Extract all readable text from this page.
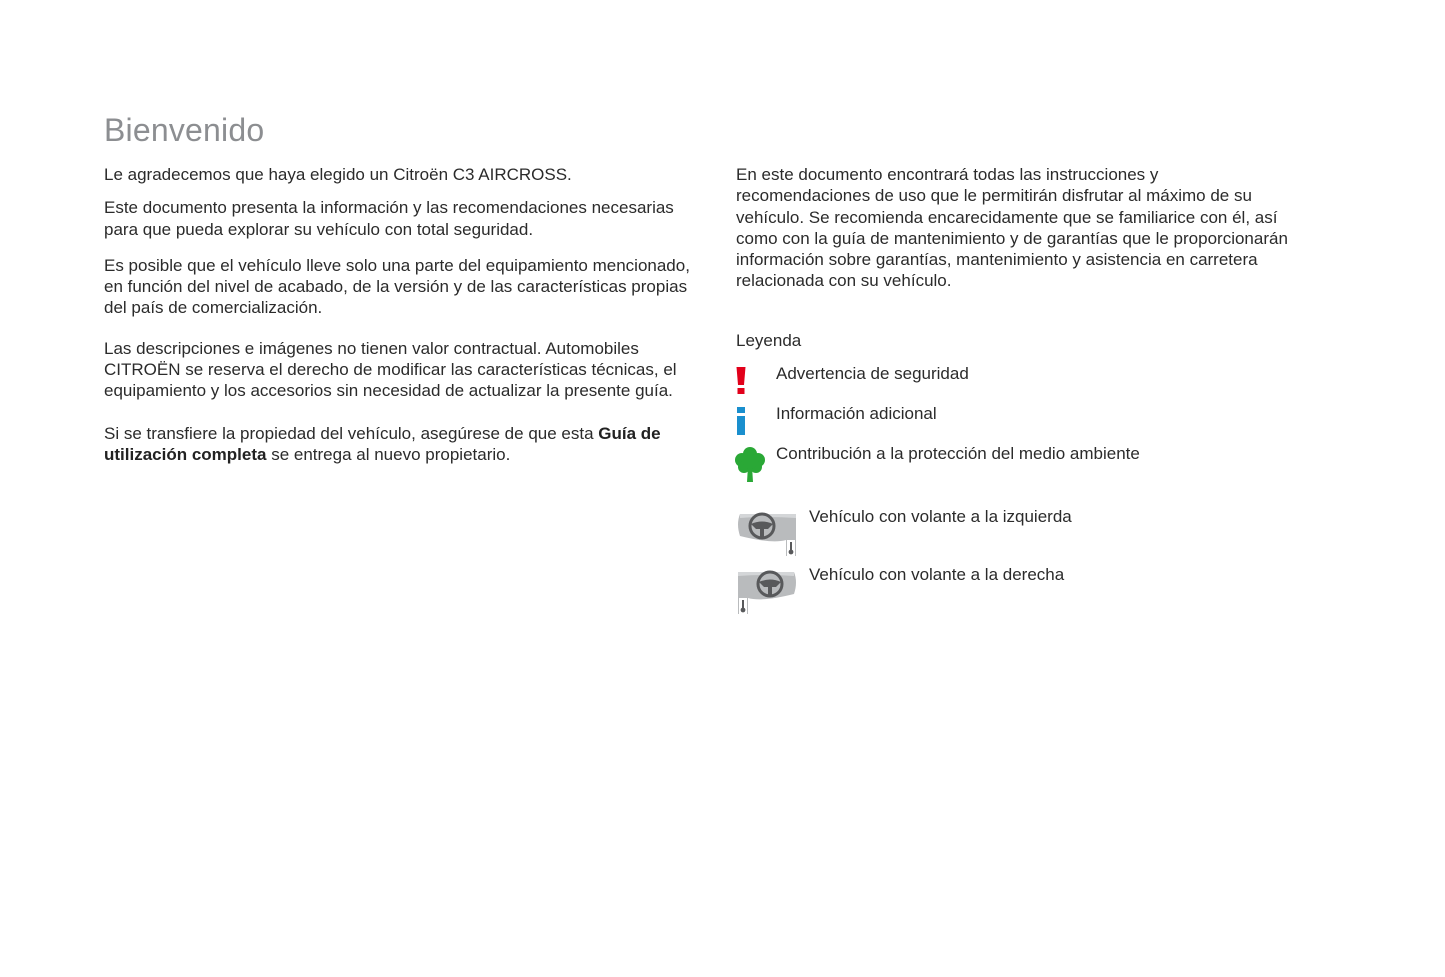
Bienvenido

Le agradecemos que haya elegido un Citroën C3 AIRCROSS.

Este documento presenta la información y las recomendaciones necesarias para que pueda explorar su vehículo con total seguridad.

Es posible que el vehículo lleve solo una parte del equipamiento mencionado, en función del nivel de acabado, de la versión y de las características propias del país de comercialización.

Las descripciones e imágenes no tienen valor contractual. Automobiles CITROËN se reserva el derecho de modificar las características técnicas, el equipamiento y los accesorios sin necesidad de actualizar la presente guía.

Si se transfiere la propiedad del vehículo, asegúrese de que esta Guía de utilización completa se entrega al nuevo propietario.

En este documento encontrará todas las instrucciones y recomendaciones de uso que le permitirán disfrutar al máximo de su vehículo. Se recomienda encarecidamente que se familiarice con él, así como con la guía de mantenimiento y de garantías que le proporcionarán información sobre garantías, mantenimiento y asistencia en carretera relacionada con su vehículo.

Leyenda
Advertencia de seguridad
Información adicional
Contribución a la protección del medio ambiente
Vehículo con volante a la izquierda
Vehículo con volante a la derecha
